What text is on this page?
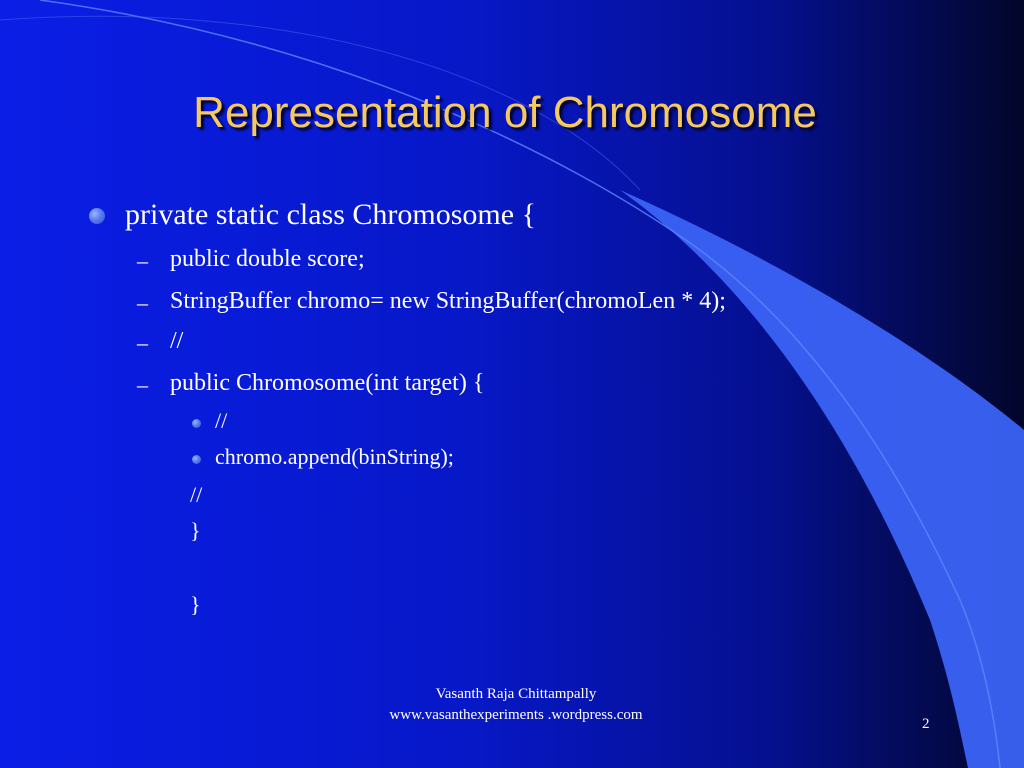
Representation of Chromosome
private static class Chromosome {
– public double score;
– StringBuffer chromo= new StringBuffer(chromoLen * 4);
– //
– public Chromosome(int target) {
//
chromo.append(binString);
//
}
}
Vasanth Raja Chittampally
www.vasanthexperiments .wordpress.com
2
